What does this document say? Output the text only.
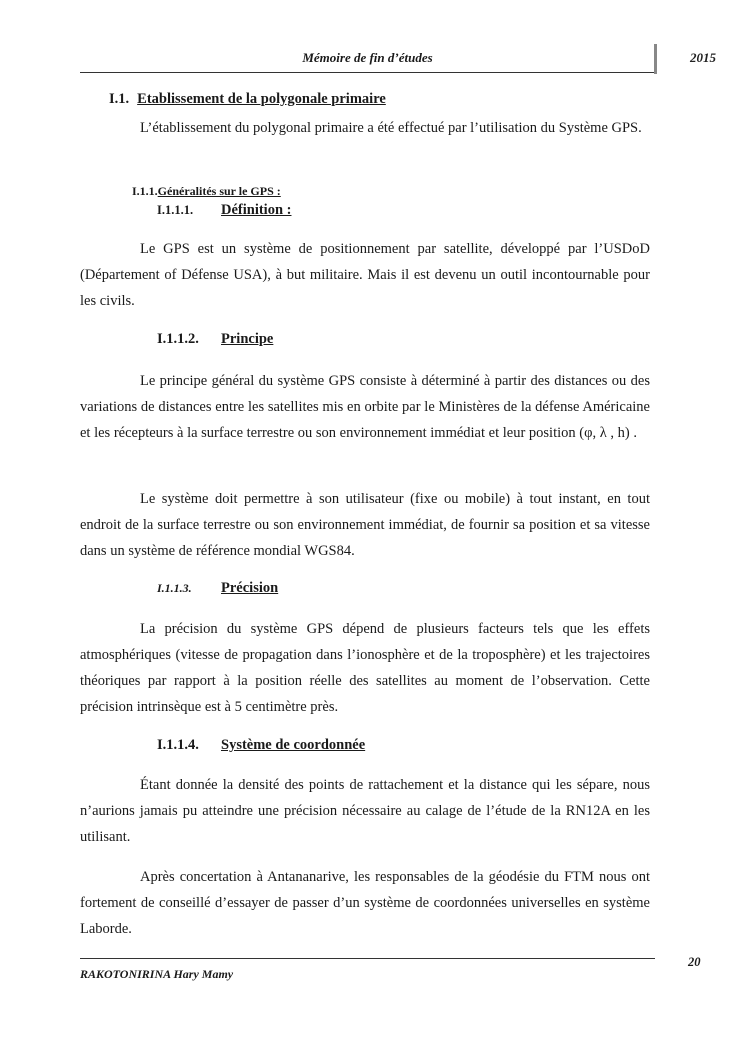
Mémoire de fin d’études	2015
I.1. Etablissement de la polygonale primaire
L’établissement du polygonal primaire a été effectué par l’utilisation du Système GPS.
I.1.1.Généralités sur le GPS :
I.1.1.1. Définition :
Le GPS est un système de positionnement par satellite, développé par l’USDoD (Département of Défense USA), à but militaire. Mais il est devenu un outil incontournable pour les civils.
I.1.1.2. Principe
Le principe général du système GPS consiste à déterminé à partir des distances ou des variations de distances entre les satellites mis en orbite par le Ministères de la défense Américaine et les récepteurs à la surface terrestre ou son environnement immédiat et leur position (φ, λ , h) .
Le système doit permettre à son utilisateur (fixe ou mobile) à tout instant, en tout endroit de la surface terrestre ou son environnement immédiat, de fournir sa position et sa vitesse dans un système de référence mondial WGS84.
I.1.1.3. Précision
La précision du système GPS dépend de plusieurs facteurs tels que les effets atmosphériques (vitesse de propagation dans l’ionosphère et de la troposphère) et les trajectoires théoriques par rapport à la position réelle des satellites au moment de l’observation. Cette précision intrinsèque est à 5 centimètre près.
I.1.1.4. Système de coordonnée
Étant donnée la densité des points de rattachement et la distance qui les sépare, nous n’aurions jamais pu atteindre une précision nécessaire au calage de l’étude de la RN12A en les utilisant.
Après concertation à Antananarive, les responsables de la géodésie du FTM nous ont fortement de conseillé d’essayer de passer d’un système de coordonnées universelles en système Laborde.
RAKOTONIRINA Hary Mamy
20
